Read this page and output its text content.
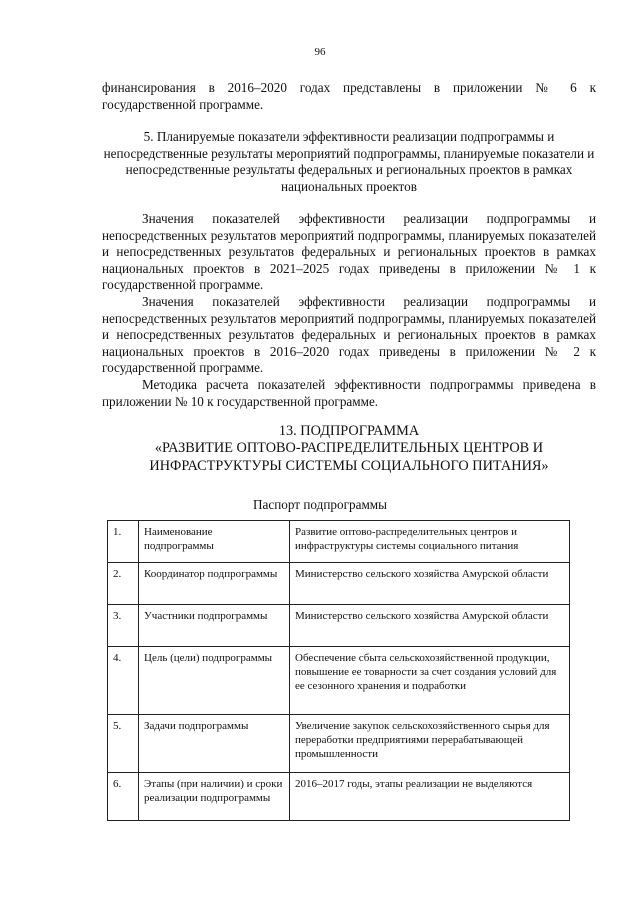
96
финансирования в 2016–2020 годах представлены в приложении № 6 к государственной программе.
5. Планируемые показатели эффективности реализации подпрограммы и непосредственные результаты мероприятий подпрограммы, планируемые показатели и непосредственные результаты федеральных и региональных проектов в рамках национальных проектов
Значения показателей эффективности реализации подпрограммы и непосредственных результатов мероприятий подпрограммы, планируемых показателей и непосредственных результатов федеральных и региональных проектов в рамках национальных проектов в 2021–2025 годах приведены в приложении № 1 к государственной программе.
Значения показателей эффективности реализации подпрограммы и непосредственных результатов мероприятий подпрограммы, планируемых показателей и непосредственных результатов федеральных и региональных проектов в рамках национальных проектов в 2016–2020 годах приведены в приложении № 2 к государственной программе.
Методика расчета показателей эффективности подпрограммы приведена в приложении № 10 к государственной программе.
13. ПОДПРОГРАММА
«РАЗВИТИЕ ОПТОВО-РАСПРЕДЕЛИТЕЛЬНЫХ ЦЕНТРОВ И ИНФРАСТРУКТУРЫ СИСТЕМЫ СОЦИАЛЬНОГО ПИТАНИЯ»
Паспорт подпрограммы
1.	Наименование подпрограммы	Развитие оптово-распределительных центров и инфраструктуры системы социального питания
2.	Координатор подпрограммы	Министерство сельского хозяйства Амурской области
3.	Участники подпрограммы	Министерство сельского хозяйства Амурской области
4.	Цель (цели) подпрограммы	Обеспечение сбыта сельскохозяйственной продукции, повышение ее товарности за счет создания условий для ее сезонного хранения и подработки
5.	Задачи подпрограммы	Увеличение закупок сельскохозяйственного сырья для переработки предприятиями перерабатывающей промышленности
6.	Этапы (при наличии) и сроки реализации подпрограммы	2016–2017 годы, этапы реализации не выделяются
